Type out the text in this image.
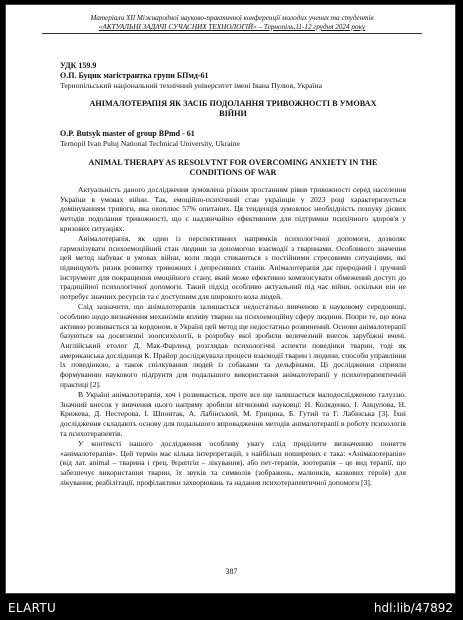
Матеріали ХІІ Міжнародної науково-практичної конференції молодих учених та студентів
«АКТУАЛЬНІ ЗАДАЧІ СУЧАСНИХ ТЕХНОЛОГІЙ» – Тернопіль,11-12 грудня 2024 року
УДК 159.9
О.П. Буцик магістрантка групи БПмд-61
Тернопільський національний технічний університет імені Івана Пулюя, Україна
АНІМАЛОТЕРАПІЯ ЯК ЗАСІБ ПОДОЛАННЯ ТРИВОЖНОСТІ В УМОВАХ ВІЙНИ
O.P. Butsyk master of group BPmd - 61
Ternopil Ivan Puluj National Technical University, Ukraine
ANIMAL THERAPY AS RESOLVTNT FOR OVERCOMING ANXIETY IN THE CONDITIONS OF WAR

Актуальність даного дослідження зумовлена різким зростанням рівня тривожності серед населення України в умовах війни. Так, емоційно-психічний стан українців у 2023 році характеризується домінуванням тривоги, яка охоплює 57% опитаних. Ця тенденція зумовлює необхідність пошуку дієвих методів подолання тривожності, що є надзвичайно ефективним для підтримки психічного здоров'я у кризових ситуаціях.

Анімалотерапія, як один із перспективних напрямків психологічної допомоги, дозволяє гармонізувати психоемоційний стан людини за допомогою взаємодії з тваринами. Особливого значення цей метод набуває в умовах війни, коли люди стикаються з постійними стресовими ситуаціями, які підвищують ризик розвитку тривожних і депресивних станів. Анімалотерапія дає природний і зручний інструмент для покращення емоційного стану, який може ефективно компенсувати обмежений доступ до традиційної психологічної допомоги. Такий підхід особливо актуальний під час війни, оскільки він не потребує значних ресурсів та є доступним для широкого кола людей.

Слід зазначити, що анімалотерапія залишається недостатньо вивченою в науковому середовищі, особливо щодо визначення механізмів впливу тварин на психоемоційну сферу людини. Попри те, що вона активно розвивається за кордоном, в Україні цей метод ще недостатньо розвинений. Основи анімалотерапії базуються на досягненні зоопсихології, в розробку якої зробили величезний внесок зарубіжні вчені. Англійський етолог Д. Мак-Фарленд розглядав психологічні аспекти поведінки тварин, тоді як американська дослідниця К. Прайор досліджувала процеси взаємодії тварин і людини, способи управління їх поведінкою, а також спілкування людей із собаками та дельфінами. Ці дослідження сприяли формуванню наукового підґрунтя для подальшого використання анімалотерапії у психотерапевтичній практиці [2].

В Україні анімалотерапія, хоч і розвивається, проте все ще залишається малодослідженою галуззю. Значний внесок у вивчення цього напряму зробили вітчизняні науковці: Н. Коляденко, І. Анцупова, Н. Крижева, Д. Нестерова, І. Шпонтак, А. Лабінський, М. Грицина, Б. Гутий та Г. Лабінська [3]. Їхні дослідження складають основу для подальшого впровадження методів анімалотерапії в роботу психологів та психотерапевтів.

У контексті нашого дослідження особливу увагу слід приділити визначенню поняття «анімалотерапія». Цей термін має кілька інтерпретацій, з найбільш поширених є така: «Анімалотерапія» (від лат. animal – тварина і грец. θεραπεία – лікування), або пет-терапія, зоотерапія – це вид терапії, що забезпечує використання тварин, їх звуків та символів (зображень, малюнків, казкових героїв) для лікування, реабілітації, профілактики захворювань та надання психотерапевтичної допомоги [3].

387
ELARTU	hdl:lib/47892
